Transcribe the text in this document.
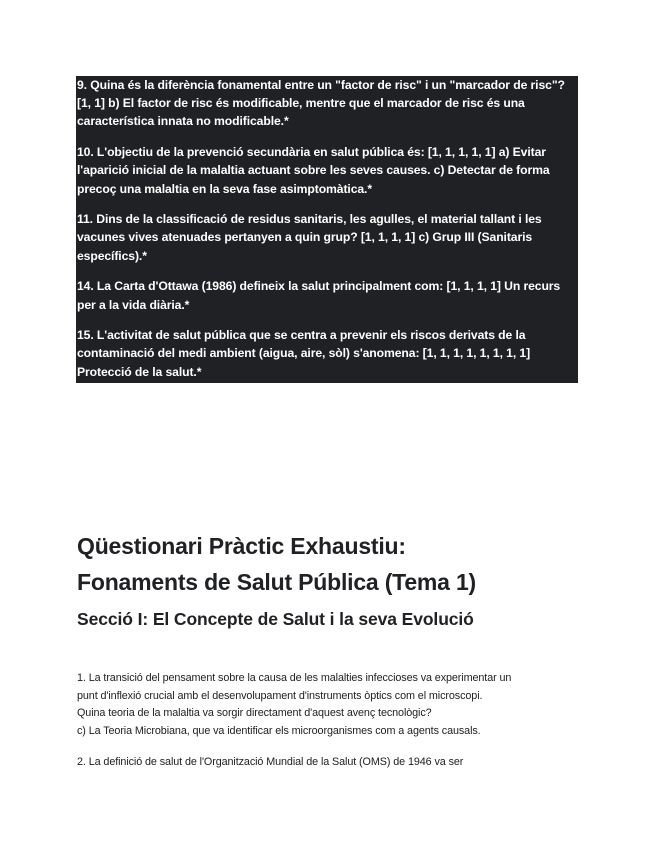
9. Quina és la diferència fonamental entre un "factor de risc" i un "marcador de risc"? [1, 1] b) El factor de risc és modificable, mentre que el marcador de risc és una característica innata no modificable.*

10. L'objectiu de la prevenció secundària en salut pública és: [1, 1, 1, 1, 1] a) Evitar l'aparició inicial de la malaltia actuant sobre les seves causes. c) Detectar de forma precoç una malaltia en la seva fase asimptomàtica.*

11. Dins de la classificació de residus sanitaris, les agulles, el material tallant i les vacunes vives atenuades pertanyen a quin grup? [1, 1, 1, 1] c) Grup III (Sanitaris específics).*

14. La Carta d'Ottawa (1986) defineix la salut principalment com: [1, 1, 1, 1] Un recurs per a la vida diària.*

15. L'activitat de salut pública que se centra a prevenir els riscos derivats de la contaminació del medi ambient (aigua, aire, sòl) s'anomena: [1, 1, 1, 1, 1, 1, 1, 1] Protecció de la salut.*

Qüestionari Pràctic Exhaustiu:
Fonaments de Salut Pública (Tema 1)
Secció I: El Concepte de Salut i la seva Evolució

1. La transició del pensament sobre la causa de les malalties infeccioses va experimentar un
punt d'inflexió crucial amb el desenvolupament d'instruments òptics com el microscopi.
Quina teoria de la malaltia va sorgir directament d'aquest avenç tecnològic?
c) La Teoria Microbiana, que va identificar els microorganismes com a agents causals.

2. La definició de salut de l'Organització Mundial de la Salut (OMS) de 1946 va ser
